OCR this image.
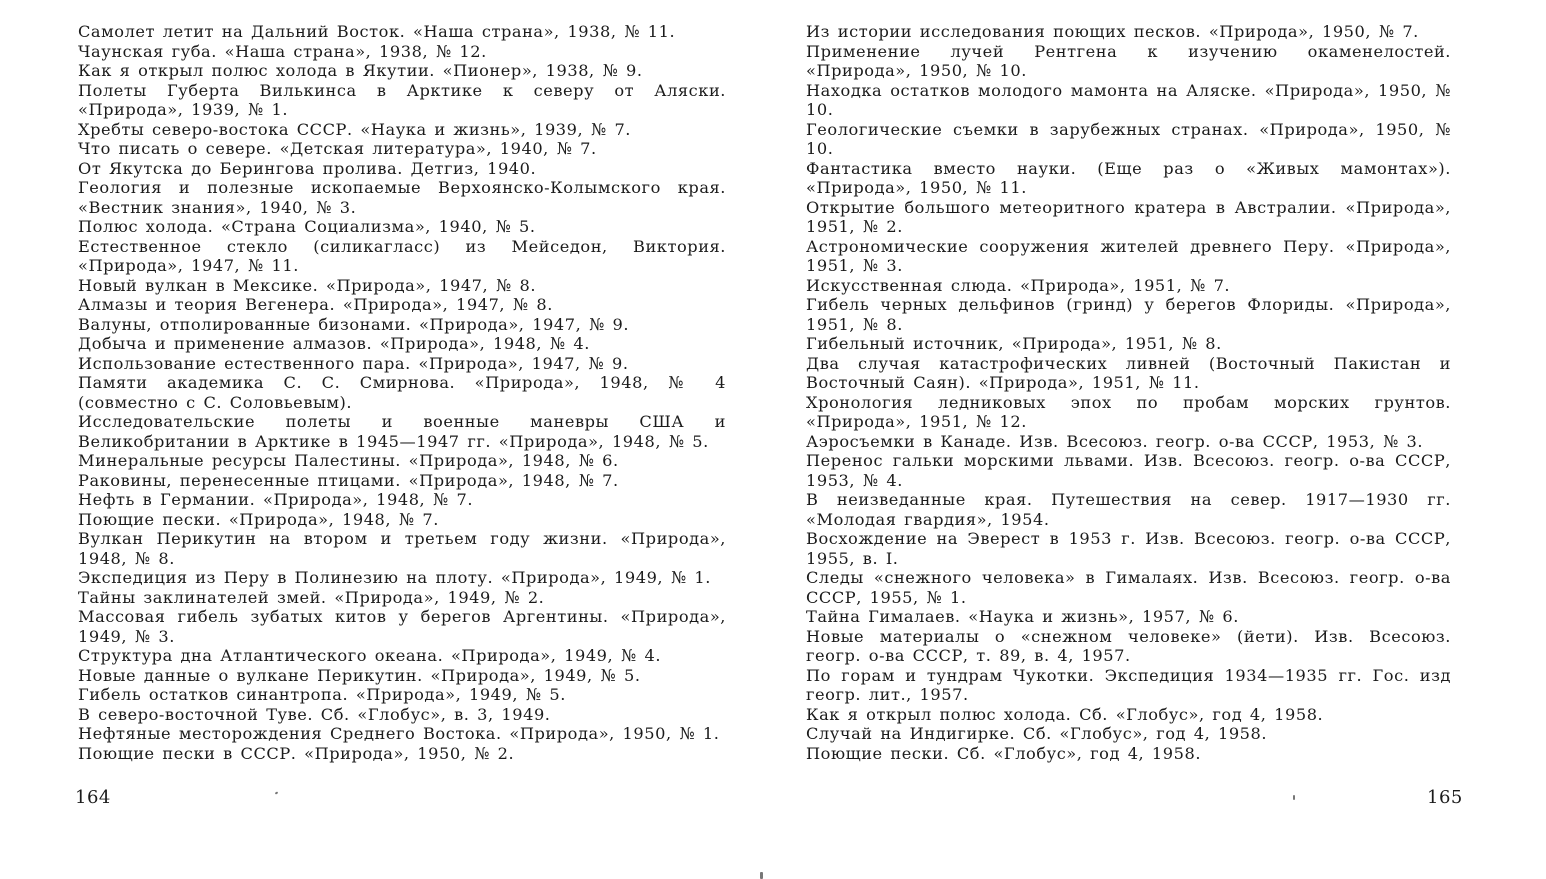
Самолет летит на Дальний Восток. «Наша страна», 1938, № 11.
Чаунская губа. «Наша страна», 1938, № 12.
Как я открыл полюс холода в Якутии. «Пионер», 1938, № 9.
Полеты Губерта Вилькинса в Арктике к северу от Аляски. «Природа», 1939, № 1.
Хребты северо-востока СССР. «Наука и жизнь», 1939, № 7.
Что писать о севере. «Детская литература», 1940, № 7.
От Якутска до Берингова пролива. Детгиз, 1940.
Геология и полезные ископаемые Верхоянско-Колымского края. «Вестник знания», 1940, № 3.
Полюс холода. «Страна Социализма», 1940, № 5.
Естественное стекло (силикагласс) из Мейседон, Виктория. «Природа», 1947, № 11.
Новый вулкан в Мексике. «Природа», 1947, № 8.
Алмазы и теория Вегенера. «Природа», 1947, № 8.
Валуны, отполированные бизонами. «Природа», 1947, № 9.
Добыча и применение алмазов. «Природа», 1948, № 4.
Использование естественного пара. «Природа», 1947, № 9.
Памяти академика С. С. Смирнова. «Природа», 1948, № 4 (совместно с С. Соловьевым).
Исследовательские полеты и военные маневры США и Великобритании в Арктике в 1945—1947 гг. «Природа», 1948, № 5.
Минеральные ресурсы Палестины. «Природа», 1948, № 6.
Раковины, перенесенные птицами. «Природа», 1948, № 7.
Нефть в Германии. «Природа», 1948, № 7.
Поющие пески. «Природа», 1948, № 7.
Вулкан Перикутин на втором и третьем году жизни. «Природа», 1948, № 8.
Экспедиция из Перу в Полинезию на плоту. «Природа», 1949, № 1.
Тайны заклинателей змей. «Природа», 1949, № 2.
Массовая гибель зубатых китов у берегов Аргентины. «Природа», 1949, № 3.
Структура дна Атлантического океана. «Природа», 1949, № 4.
Новые данные о вулкане Перикутин. «Природа», 1949, № 5.
Гибель остатков синантропа. «Природа», 1949, № 5.
В северо-восточной Туве. Сб. «Глобус», в. 3, 1949.
Нефтяные месторождения Среднего Востока. «Природа», 1950, № 1.
Поющие пески в СССР. «Природа», 1950, № 2.
164
Из истории исследования поющих песков. «Природа», 1950, № 7.
Применение лучей Рентгена к изучению окаменелостей. «Природа», 1950, № 10.
Находка остатков молодого мамонта на Аляске. «Природа», 1950, № 10.
Геологические съемки в зарубежных странах. «Природа», 1950, № 10.
Фантастика вместо науки. (Еще раз о «Живых мамонтах»). «Природа», 1950, № 11.
Открытие большого метеоритного кратера в Австралии. «Природа», 1951, № 2.
Астрономические сооружения жителей древнего Перу. «Природа», 1951, № 3.
Искусственная слюда. «Природа», 1951, № 7.
Гибель черных дельфинов (гринд) у берегов Флориды. «Природа», 1951, № 8.
Гибельный источник, «Природа», 1951, № 8.
Два случая катастрофических ливней (Восточный Пакистан и Восточный Саян). «Природа», 1951, № 11.
Хронология ледниковых эпох по пробам морских грунтов. «Природа», 1951, № 12.
Аэросъемки в Канаде. Изв. Всесоюз. геогр. о-ва СССР, 1953, № 3.
Перенос гальки морскими львами. Изв. Всесоюз. геогр. о-ва СССР, 1953, № 4.
В неизведанные края. Путешествия на север. 1917—1930 гг. «Молодая гвардия», 1954.
Восхождение на Эверест в 1953 г. Изв. Всесоюз. геогр. о-ва СССР, 1955, в. I.
Следы «снежного человека» в Гималаях. Изв. Всесоюз. геогр. о-ва СССР, 1955, № 1.
Тайна Гималаев. «Наука и жизнь», 1957, № 6.
Новые материалы о «снежном человеке» (йети). Изв. Всесоюз. геогр. о-ва СССР, т. 89, в. 4, 1957.
По горам и тундрам Чукотки. Экспедиция 1934—1935 гг. Гос. изд геогр. лит., 1957.
Как я открыл полюс холода. Сб. «Глобус», год 4, 1958.
Случай на Индигирке. Сб. «Глобус», год 4, 1958.
Поющие пески. Сб. «Глобус», год 4, 1958.
165
